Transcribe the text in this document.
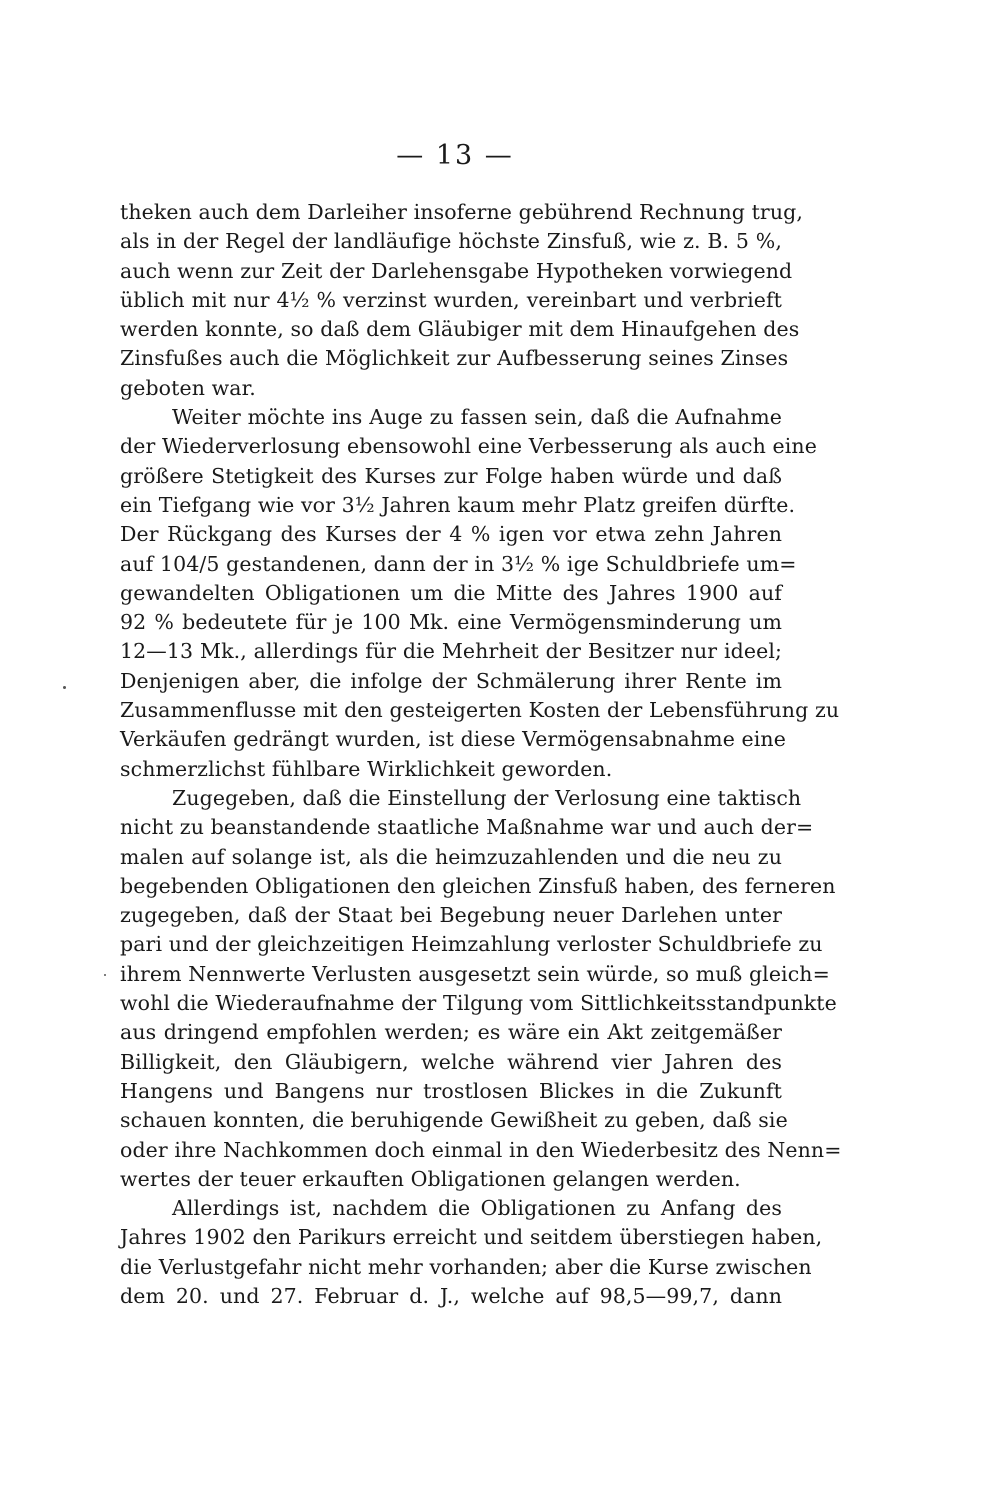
— 13 —
theken auch dem Darleiher insoferne gebührend Rechnung trug,
als in der Regel der landläufige höchste Zinsfuß, wie z. B. 5 %,
auch wenn zur Zeit der Darlehensgabe Hypotheken vorwiegend
üblich mit nur 4½ % verzinst wurden, vereinbart und verbrieft
werden konnte, so daß dem Gläubiger mit dem Hinaufgehen des
Zinsfußes auch die Möglichkeit zur Aufbesserung seines Zinses
geboten war.
Weiter möchte ins Auge zu fassen sein, daß die Aufnahme
der Wiederverlosung ebensowohl eine Verbesserung als auch eine
größere Stetigkeit des Kurses zur Folge haben würde und daß
ein Tiefgang wie vor 3½ Jahren kaum mehr Platz greifen dürfte.
Der Rückgang des Kurses der 4 % igen vor etwa zehn Jahren
auf 104/5 gestandenen, dann der in 3½ % ige Schuldbriefe um=
gewandelten Obligationen um die Mitte des Jahres 1900 auf
92 % bedeutete für je 100 Mk. eine Vermögensminderung um
12—13 Mk., allerdings für die Mehrheit der Besitzer nur ideel;
Denjenigen aber, die infolge der Schmälerung ihrer Rente im
Zusammenflusse mit den gesteigerten Kosten der Lebensführung zu
Verkäufen gedrängt wurden, ist diese Vermögensabnahme eine
schmerzlichst fühlbare Wirklichkeit geworden.
Zugegeben, daß die Einstellung der Verlosung eine taktisch
nicht zu beanstandende staatliche Maßnahme war und auch der=
malen auf solange ist, als die heimzuzahlenden und die neu zu
begebenden Obligationen den gleichen Zinsfuß haben, des ferneren
zugegeben, daß der Staat bei Begebung neuer Darlehen unter
pari und der gleichzeitigen Heimzahlung verloster Schuldbriefe zu
ihrem Nennwerte Verlusten ausgesetzt sein würde, so muß gleich=
wohl die Wiederaufnahme der Tilgung vom Sittlichkeitsstandpunkte
aus dringend empfohlen werden; es wäre ein Akt zeitgemäßer
Billigkeit, den Gläubigern, welche während vier Jahren des
Hangens und Bangens nur trostlosen Blickes in die Zukunft
schauen konnten, die beruhigende Gewißheit zu geben, daß sie
oder ihre Nachkommen doch einmal in den Wiederbesitz des Nenn=
wertes der teuer erkauften Obligationen gelangen werden.
Allerdings ist, nachdem die Obligationen zu Anfang des
Jahres 1902 den Parikurs erreicht und seitdem überstiegen haben,
die Verlustgefahr nicht mehr vorhanden; aber die Kurse zwischen
dem 20. und 27. Februar d. J., welche auf 98,5—99,7, dann
